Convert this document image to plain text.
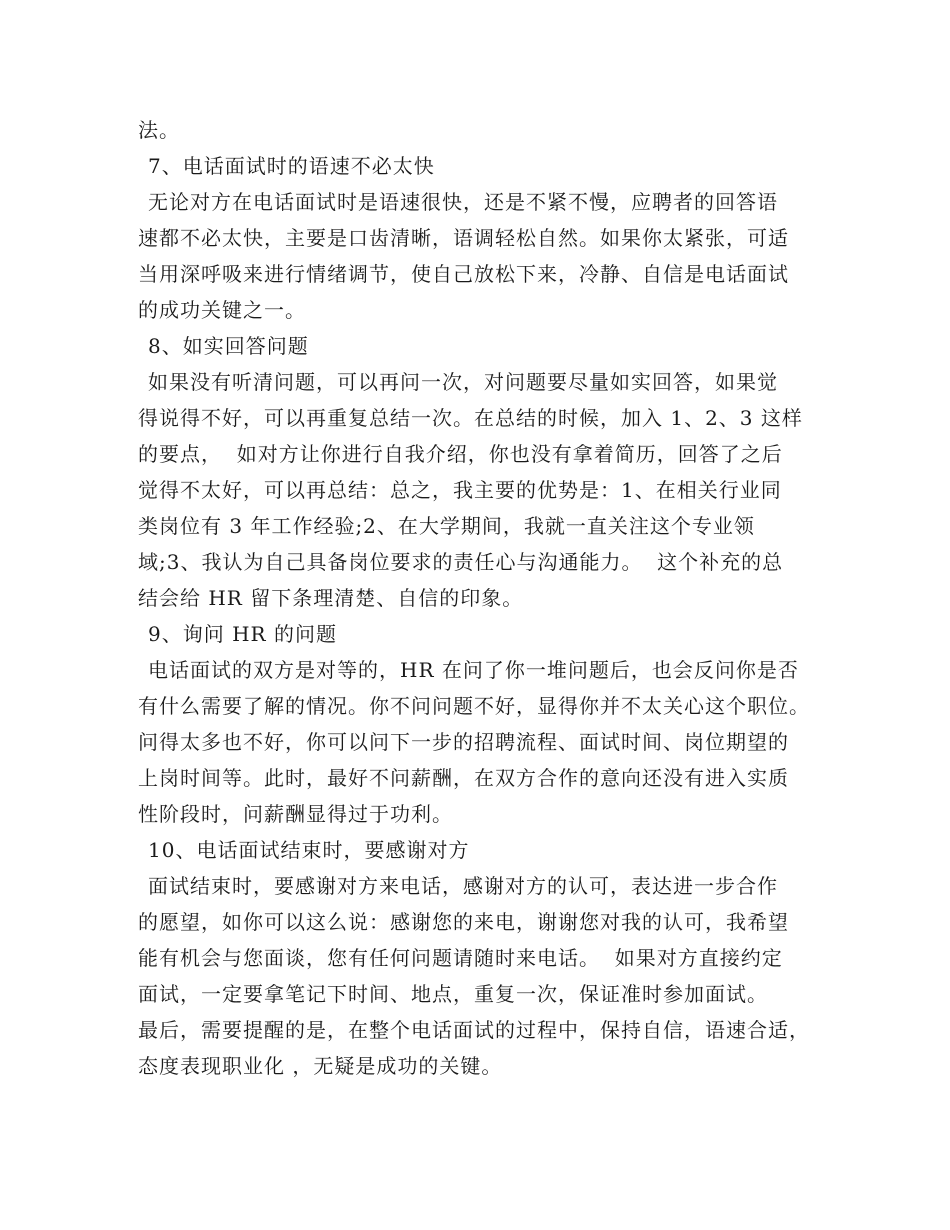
法。
7、电话面试时的语速不必太快
无论对方在电话面试时是语速很快，还是不紧不慢，应聘者的回答语
速都不必太快，主要是口齿清晰，语调轻松自然。如果你太紧张，可适
当用深呼吸来进行情绪调节，使自己放松下来，冷静、自信是电话面试
的成功关键之一。
8、如实回答问题
如果没有听清问题，可以再问一次，对问题要尽量如实回答，如果觉
得说得不好，可以再重复总结一次。在总结的时候，加入 1、2、3 这样
的要点，  如对方让你进行自我介绍，你也没有拿着简历，回答了之后
觉得不太好，可以再总结：总之，我主要的优势是：1、在相关行业同
类岗位有 3 年工作经验;2、在大学期间，我就一直关注这个专业领
域;3、我认为自己具备岗位要求的责任心与沟通能力。  这个补充的总
结会给 HR 留下条理清楚、自信的印象。
9、询问 HR 的问题
电话面试的双方是对等的，HR 在问了你一堆问题后，也会反问你是否
有什么需要了解的情况。你不问问题不好，显得你并不太关心这个职位。
问得太多也不好，你可以问下一步的招聘流程、面试时间、岗位期望的
上岗时间等。此时，最好不问薪酬，在双方合作的意向还没有进入实质
性阶段时，问薪酬显得过于功利。
10、电话面试结束时，要感谢对方
面试结束时，要感谢对方来电话，感谢对方的认可，表达进一步合作
的愿望，如你可以这么说：感谢您的来电，谢谢您对我的认可，我希望
能有机会与您面谈，您有任何问题请随时来电话。  如果对方直接约定
面试，一定要拿笔记下时间、地点，重复一次，保证准时参加面试。
最后，需要提醒的是，在整个电话面试的过程中，保持自信，语速合适，
态度表现职业化 ，无疑是成功的关键。
